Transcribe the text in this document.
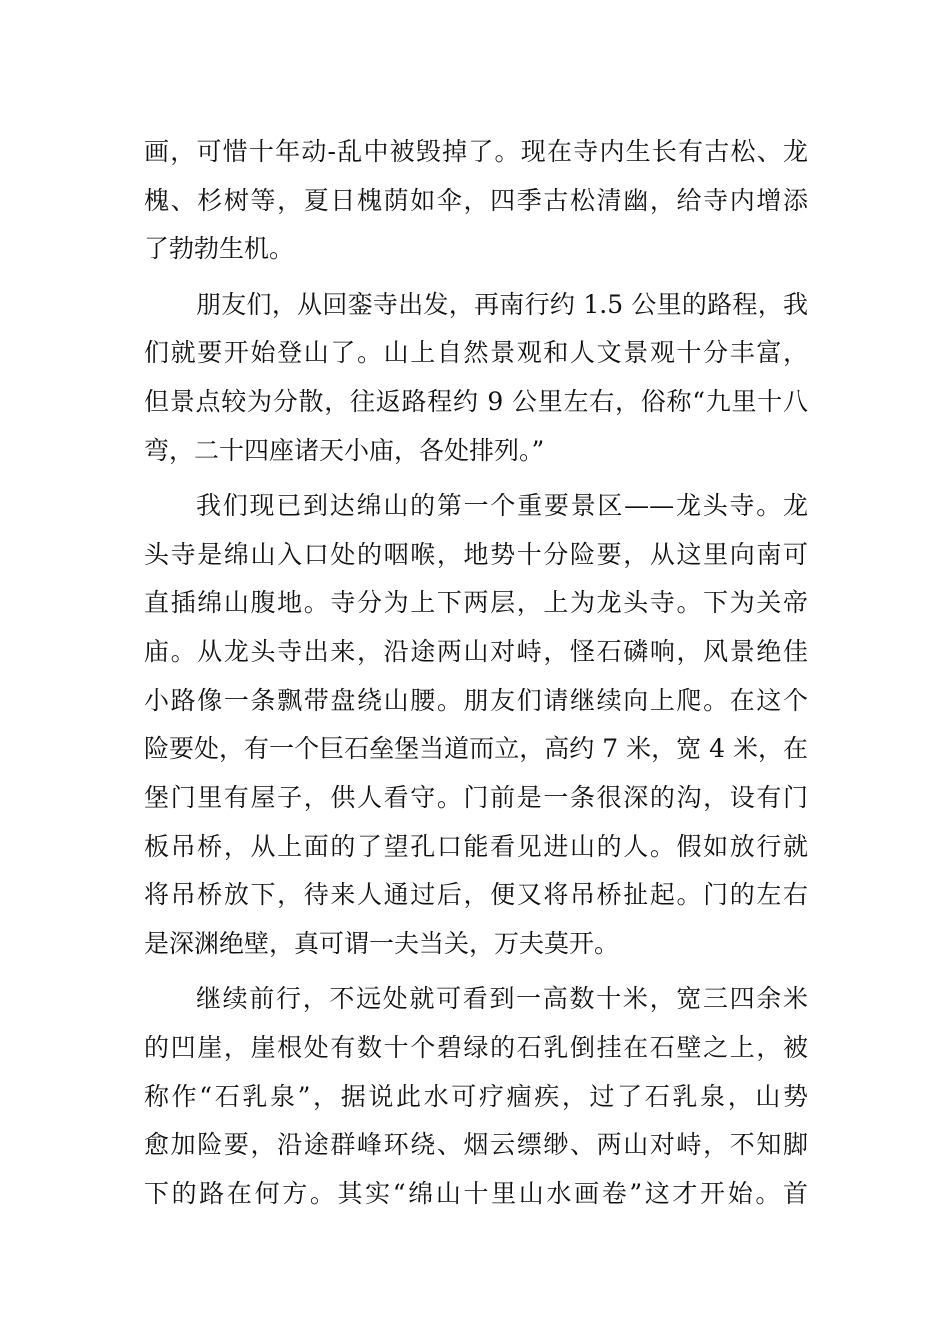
画，可惜十年动-乱中被毁掉了。现在寺内生长有古松、龙
槐、杉树等，夏日槐荫如伞，四季古松清幽，给寺内增添
了勃勃生机。
朋友们，从回銮寺出发，再南行约 1.5 公里的路程，我
们就要开始登山了。山上自然景观和人文景观十分丰富，
但景点较为分散，往返路程约 9 公里左右，俗称“九里十八
弯，二十四座诸天小庙，各处排列。”
我们现已到达绵山的第一个重要景区——龙头寺。龙
头寺是绵山入口处的咽喉，地势十分险要，从这里向南可
直插绵山腹地。寺分为上下两层，上为龙头寺。下为关帝
庙。从龙头寺出来，沿途两山对峙，怪石磷响，风景绝佳
小路像一条飘带盘绕山腰。朋友们请继续向上爬。在这个
险要处，有一个巨石垒堡当道而立，高约 7 米，宽 4 米，在
堡门里有屋子，供人看守。门前是一条很深的沟，设有门
板吊桥，从上面的了望孔口能看见进山的人。假如放行就
将吊桥放下，待来人通过后，便又将吊桥扯起。门的左右
是深渊绝壁，真可谓一夫当关，万夫莫开。
继续前行，不远处就可看到一高数十米，宽三四余米
的凹崖，崖根处有数十个碧绿的石乳倒挂在石壁之上，被
称作“石乳泉”，据说此水可疗痼疾，过了石乳泉，山势
愈加险要，沿途群峰环绕、烟云缥缈、两山对峙，不知脚
下的路在何方。其实“绵山十里山水画卷”这才开始。首
